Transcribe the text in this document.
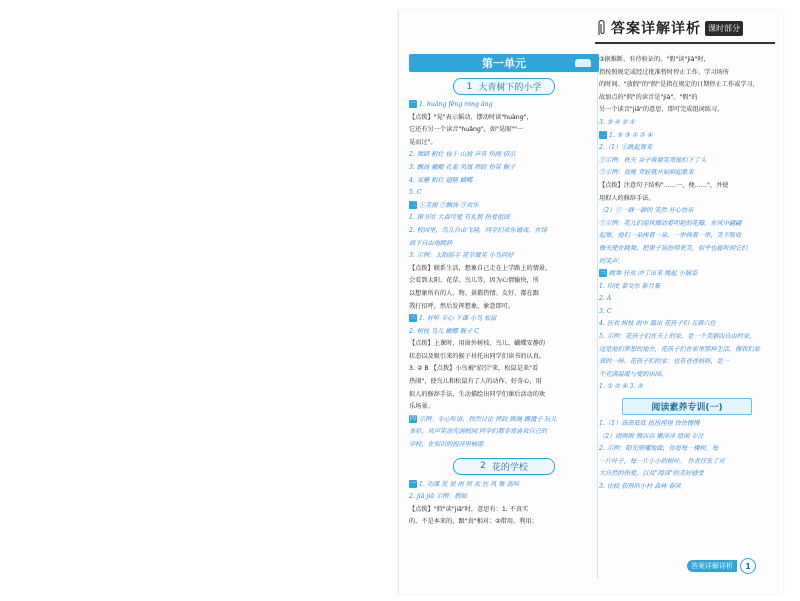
答案详解详析 课时部分
第一单元
1 大青树下的小学
一 1. huāng fēng róng ǎng
【点拨】"晃"表示摇动、摆动时读"huàng"，
它还有另一个读音"huǎng"，如"晃眼""一
晃而过"。
2. 舞蹈 粗壮 枝干 山坡 声音 热闹 招引
3. 飘扬 戴帽 孔雀 凤凰 摔跤 热带 猴子
4. 采蘑 粗壮 翅膀 蝴蝶
5. C
二 ①美丽 ②飘扬 ③欢乐
1. 图书馆 大森可爱 有礼貌 热爱祖国
2. 校园里，鸟儿自由飞翔，同学们欢乐嬉戏，在绿
荫下自由地跳跃
3. 示例：太阳摇手 花草微笑 小鸟问好
【点拨】联系生活，想象自己走在上学路上的情景，
会看到太阳、花草、鸟儿等，因为心情愉快，所
以想象所有的人、物、景都热情、友好，都在跟
我打招呼，然后发挥想象，象意即可。
三 1. 好听 专心 下课 小鸟 松鼠
2. 树枝 鸟儿 蝴蝶 猴子 C
【点拨】上课时，用窗外树枝、鸟儿、蝴蝶安静的
状态以及吸引来的猴子衬托出同学们读书的认真。
3. ② B 【点拨】小鸟被"招引"来，松鼠是来"看
热闹"，使鸟儿和松鼠有了人的动作、好奇心，用
拟人的修辞手法，生动描绘出同学们课后活动的欢
乐场景。
四 示例：专心听讲，热烈讨论 摔跤 跳绳 踢毽子 玩儿
多彩，欢声笑语充满校园 同学们都非常喜欢自己的
学校，在知识的海洋里畅游
2 花的学校
一 1. 功课 荒 说 雨 坝 欢 狂 风 舞 高叫
2. jiā jiā 示例：假如
【点拨】"假"读"jiǎ"时，意思有：1. 不真实
的、不是本来的，跟"真"相对；②借用、利用；
③据推断，有待验证的。"假"读"jià"时，
指按照规定或经过批准暂时停止工作、学习场所
的时间。"放假"的"假"是指在规定的日期停止工作或学习，
故加点的"假"的读音是"jià"。"假"的
另一个读音"jiǎ"的意思，即可完成组词练习。
3. ③ ④ ② ①
二 1. ⑤ ③ ① ② ④
2.（1）①跳起舞来
②示例：秋天 谷子将要笑弯他们下了头
③示例：夜晚 青蛙就开始唱起歌来
【点拨】注意句子结构"……一，便……"，并使
用拟人的修辞手法。
（2）①一群一群的 笑然 开心快乐
②示例：花儿们迎风摆动着明艳的花瓣，在风中翩翩
起舞，他们一朵挨着一朵，一串挨着一串，美不胜收
像天使在跳舞，把果子装扮得更美，似乎也能听到它们
的笑声。
三 跳舞 狂欢 冲了出来 挽起 小脑袋
1. 印度 泰戈尔 新月集
2. A
3. C
4. 狂欢 树枝 雨中 露出 花孩子们 五颜六色
5. 示例：花孩子们在天上的家，是一个美丽而自由的家，
这是他们梦想的地方，花孩子们在家里那样生活，像我们家
真的一样。花孩子们的家：也有爸爸妈妈，是一
个充满温暖与爱的乐园。
1. ① ② ④ 3. ②
阅读素养专训(一)
1.（1）高高低低 扭扭捏捏 快快慢慢
（2）闹哄哄 慢吞吞 懒洋洋 悠闲 专注
2. 示例：阳光照耀地面，你看每一棵树，每
一片叶子，每一片小小的树叶。 作者抒发了对
大自然的热爱，以及"阅读"的美好感受
3. 比较 获得的小村 森林 春风
答案详解详析	1
